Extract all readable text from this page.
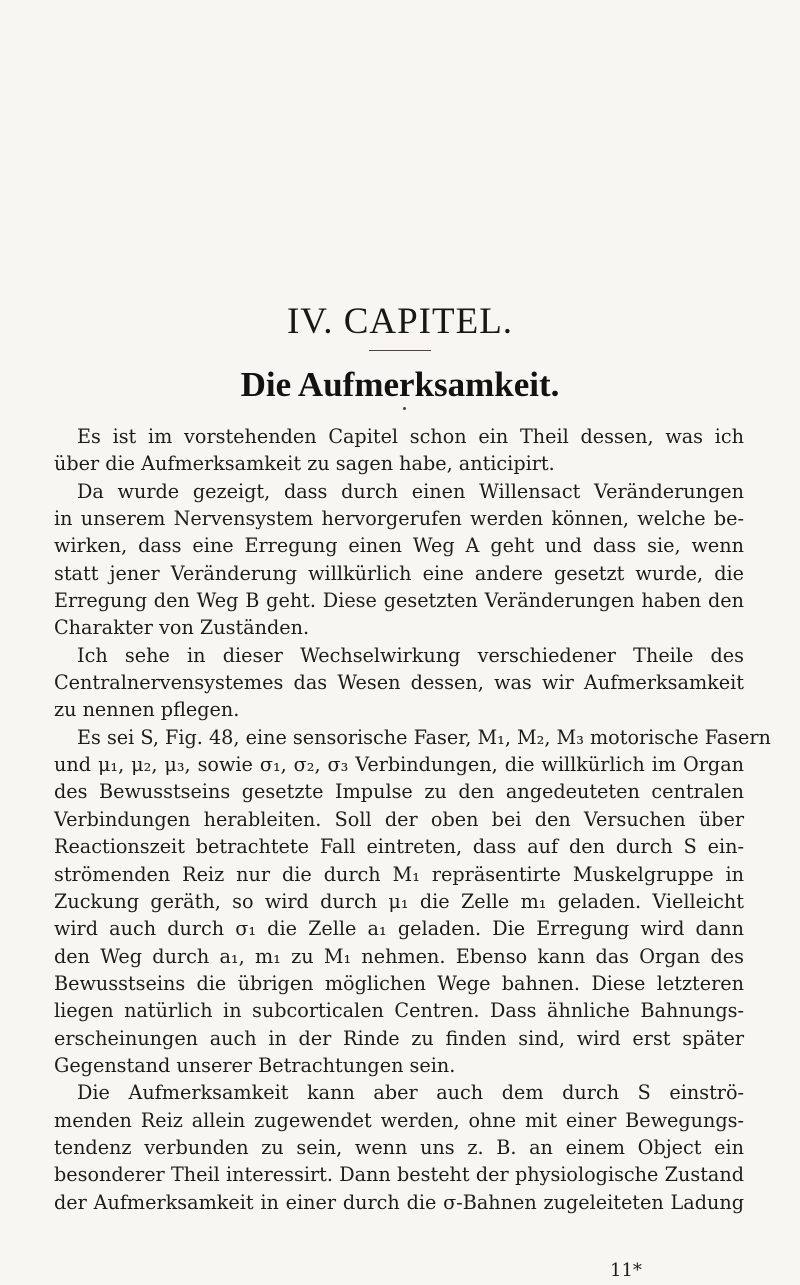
IV. CAPITEL.
Die Aufmerksamkeit.
Es ist im vorstehenden Capitel schon ein Theil dessen, was ich
über die Aufmerksamkeit zu sagen habe, anticipirt.
Da wurde gezeigt, dass durch einen Willensact Veränderungen
in unserem Nervensystem hervorgerufen werden können, welche be-
wirken, dass eine Erregung einen Weg A geht und dass sie, wenn
statt jener Veränderung willkürlich eine andere gesetzt wurde, die
Erregung den Weg B geht. Diese gesetzten Veränderungen haben den
Charakter von Zuständen.
Ich sehe in dieser Wechselwirkung verschiedener Theile des
Centralnervensystemes das Wesen dessen, was wir Aufmerksamkeit
zu nennen pflegen.
Es sei S, Fig. 48, eine sensorische Faser, M₁, M₂, M₃ motorische Fasern
und μ₁, μ₂, μ₃, sowie σ₁, σ₂, σ₃ Verbindungen, die willkürlich im Organ
des Bewusstseins gesetzte Impulse zu den angedeuteten centralen
Verbindungen herableiten. Soll der oben bei den Versuchen über
Reactionszeit betrachtete Fall eintreten, dass auf den durch S ein-
strömenden Reiz nur die durch M₁ repräsentirte Muskelgruppe in
Zuckung geräth, so wird durch μ₁ die Zelle m₁ geladen. Vielleicht
wird auch durch σ₁ die Zelle a₁ geladen. Die Erregung wird dann
den Weg durch a₁, m₁ zu M₁ nehmen. Ebenso kann das Organ des
Bewusstseins die übrigen möglichen Wege bahnen. Diese letzteren
liegen natürlich in subcorticalen Centren. Dass ähnliche Bahnungs-
erscheinungen auch in der Rinde zu finden sind, wird erst später
Gegenstand unserer Betrachtungen sein.
Die Aufmerksamkeit kann aber auch dem durch S einströ-
menden Reiz allein zugewendet werden, ohne mit einer Bewegungs-
tendenz verbunden zu sein, wenn uns z. B. an einem Object ein
besonderer Theil interessirt. Dann besteht der physiologische Zustand
der Aufmerksamkeit in einer durch die σ-Bahnen zugeleiteten Ladung
11*
